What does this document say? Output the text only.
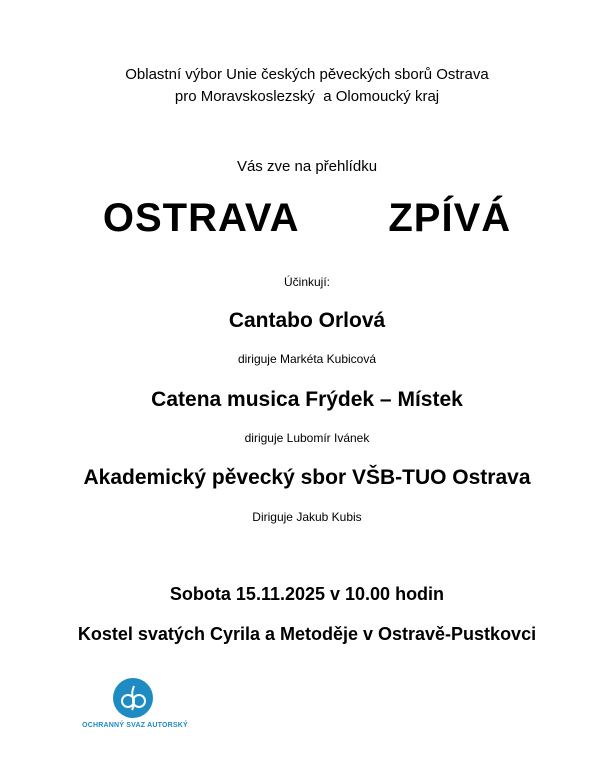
Oblastní výbor Unie českých pěveckých sborů Ostrava
pro Moravskoslezský  a Olomoucký kraj
Vás zve na přehlídku
OSTRAVA   ZPÍVÁ
Účinkují:
Cantabo Orlová
diriguje Markéta Kubicová
Catena musica Frýdek – Místek
diriguje Lubomír Ivánek
Akademický pěvecký sbor VŠB-TUO Ostrava
Diriguje Jakub Kubis
Sobota 15.11.2025 v 10.00 hodin
Kostel svatých Cyrila a Metoděje v Ostravě-Pustkovci
OCHRANNÝ SVAZ AUTORSKÝ
